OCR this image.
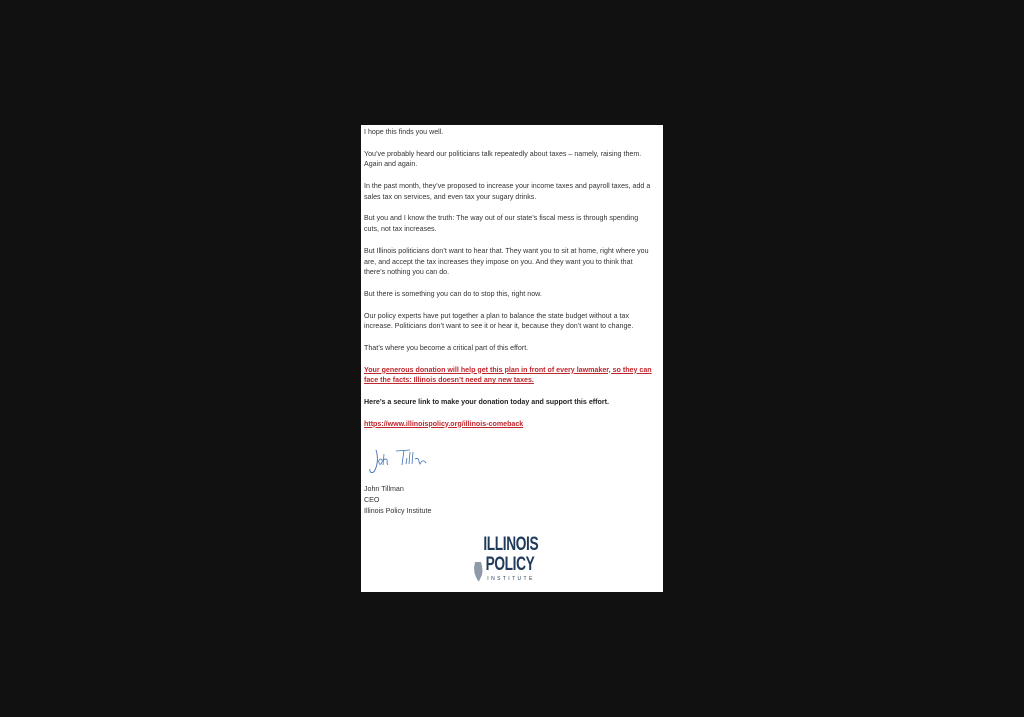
I hope this finds you well.

You’ve probably heard our politicians talk repeatedly about taxes – namely, raising them. Again and again.

In the past month, they’ve proposed to increase your income taxes and payroll taxes, add a sales tax on services, and even tax your sugary drinks.

But you and I know the truth: The way out of our state’s fiscal mess is through spending cuts, not tax increases.

But Illinois politicians don’t want to hear that. They want you to sit at home, right where you are, and accept the tax increases they impose on you. And they want you to think that there’s nothing you can do.

But there is something you can do to stop this, right now.

Our policy experts have put together a plan to balance the state budget without a tax increase. Politicians don’t want to see it or hear it, because they don’t want to change.

That’s where you become a critical part of this effort.

Your generous donation will help get this plan in front of every lawmaker, so they can face the facts: Illinois doesn’t need any new taxes.

Here’s a secure link to make your donation today and support this effort.

https://www.illinoispolicy.org/illinois-comeback

John Tillman
CEO
Illinois Policy Institute
ILLINOIS
POLICY
INSTITUTE
